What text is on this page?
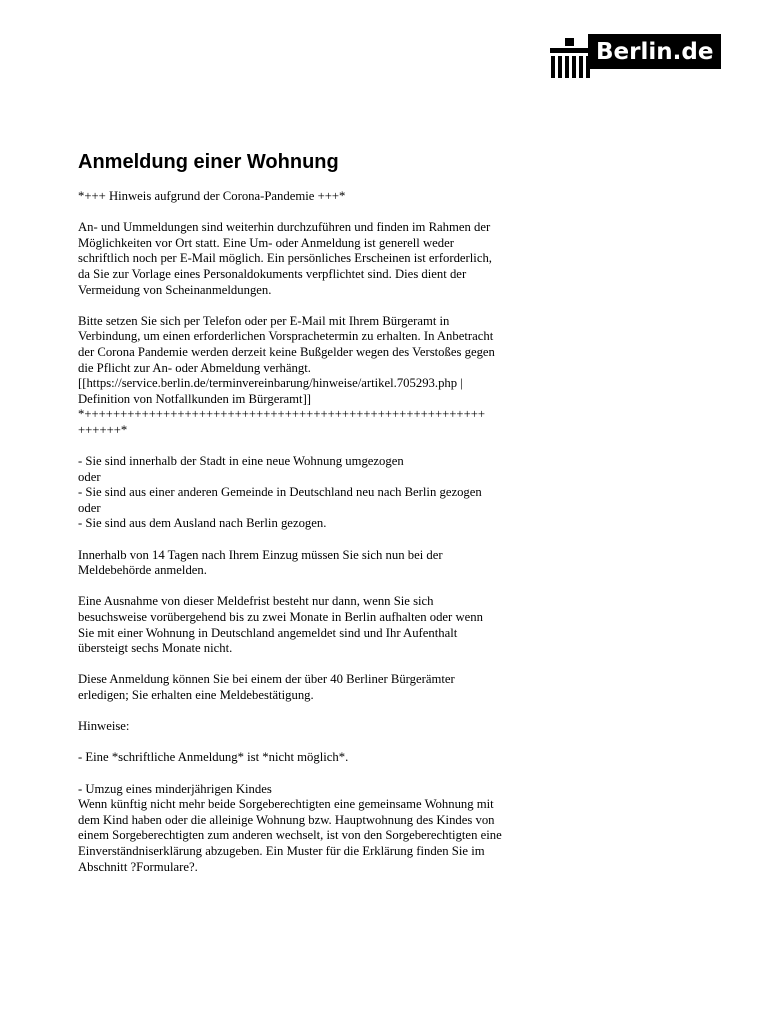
Berlin.de
Anmeldung einer Wohnung

*+++ Hinweis aufgrund der Corona-Pandemie +++*

An- und Ummeldungen sind weiterhin durchzuführen und finden im Rahmen der
Möglichkeiten vor Ort statt. Eine Um- oder Anmeldung ist generell weder
schriftlich noch per E-Mail möglich. Ein persönliches Erscheinen ist erforderlich,
da Sie zur Vorlage eines Personaldokuments verpflichtet sind. Dies dient der
Vermeidung von Scheinanmeldungen.

Bitte setzen Sie sich per Telefon oder per E-Mail mit Ihrem Bürgeramt in
Verbindung, um einen erforderlichen Vorsprachetermin zu erhalten. In Anbetracht
der Corona Pandemie werden derzeit keine Bußgelder wegen des Verstoßes gegen
die Pflicht zur An- oder Abmeldung verhängt.
[[https://service.berlin.de/terminvereinbarung/hinweise/artikel.705293.php |
Definition von Notfallkunden im Bürgeramt]]
*++++++++++++++++++++++++++++++++++++++++++++++++++++++++
++++++*

- Sie sind innerhalb der Stadt in eine neue Wohnung umgezogen
oder
- Sie sind aus einer anderen Gemeinde in Deutschland neu nach Berlin gezogen
oder
- Sie sind aus dem Ausland nach Berlin gezogen.

Innerhalb von 14 Tagen nach Ihrem Einzug müssen Sie sich nun bei der
Meldebehörde anmelden.

Eine Ausnahme von dieser Meldefrist besteht nur dann, wenn Sie sich
besuchsweise vorübergehend bis zu zwei Monate in Berlin aufhalten oder wenn
Sie mit einer Wohnung in Deutschland angemeldet sind und Ihr Aufenthalt
übersteigt sechs Monate nicht.

Diese Anmeldung können Sie bei einem der über 40 Berliner Bürgerämter
erledigen; Sie erhalten eine Meldebestätigung.

Hinweise:

- Eine *schriftliche Anmeldung* ist *nicht möglich*.

- Umzug eines minderjährigen Kindes
Wenn künftig nicht mehr beide Sorgeberechtigten eine gemeinsame Wohnung mit
dem Kind haben oder die alleinige Wohnung bzw. Hauptwohnung des Kindes von
einem Sorgeberechtigten zum anderen wechselt, ist von den Sorgeberechtigten eine
Einverständniserklärung abzugeben. Ein Muster für die Erklärung finden Sie im
Abschnitt ?Formulare?.
